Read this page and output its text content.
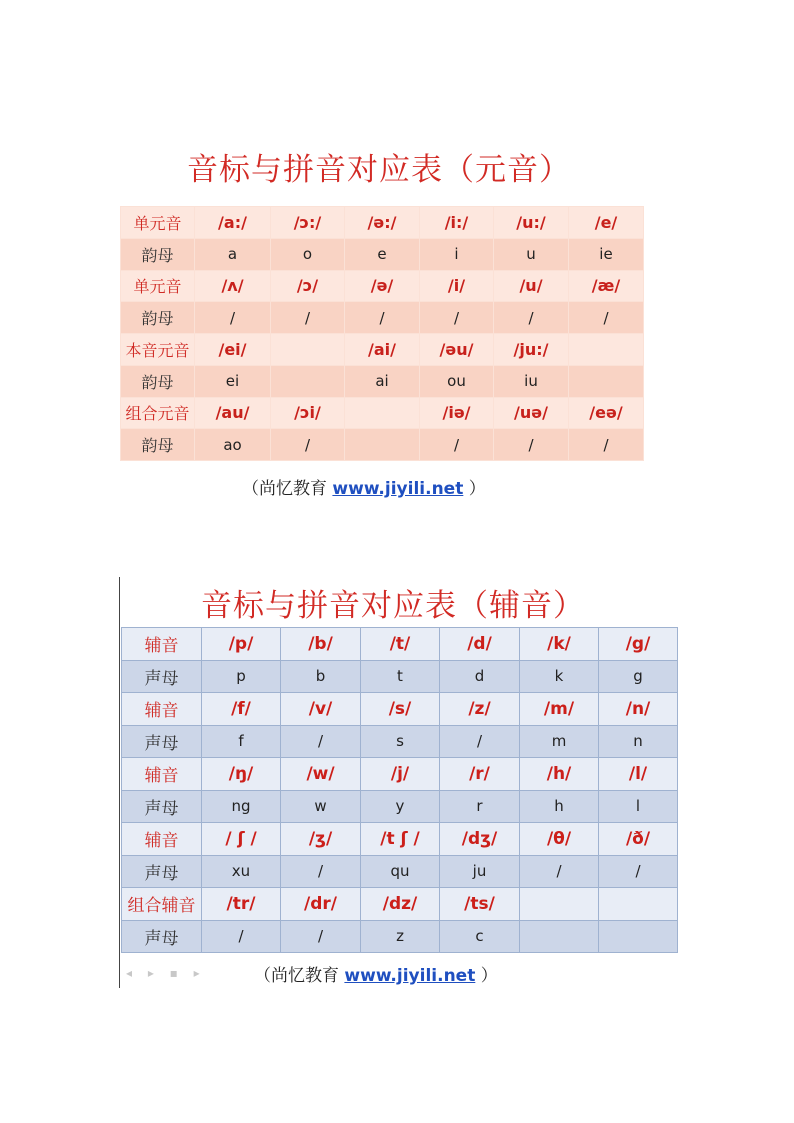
音标与拼音对应表（元音）
单元音	/a:/	/ɔ:/	/ə:/	/i:/	/u:/	/e/
韵母	a	o	e	i	u	ie
单元音	/ʌ/	/ɔ/	/ə/	/i/	/u/	/æ/
韵母	/	/	/	/	/	/
本音元音	/ei/		/ai/	/əu/	/ju:/	
韵母	ei		ai	ou	iu	
组合元音	/au/	/ɔi/		/iə/	/uə/	/eə/
韵母	ao	/		/	/	/
（尚忆教育 www.jiyili.net ）
音标与拼音对应表（辅音）
辅音	/p/	/b/	/t/	/d/	/k/	/g/
声母	p	b	t	d	k	g
辅音	/f/	/v/	/s/	/z/	/m/	/n/
声母	f	/	s	/	m	n
辅音	/ŋ/	/w/	/j/	/r/	/h/	/l/
声母	ng	w	y	r	h	l
辅音	/ ʃ /	/ʒ/	/t ʃ /	/dʒ/	/θ/	/ð/
声母	xu	/	qu	ju	/	/
组合辅音	/tr/	/dr/	/dz/	/ts/		
声母	/	/	z	c		
◂ ▸ ▪ ▸	（尚忆教育 www.jiyili.net ）
